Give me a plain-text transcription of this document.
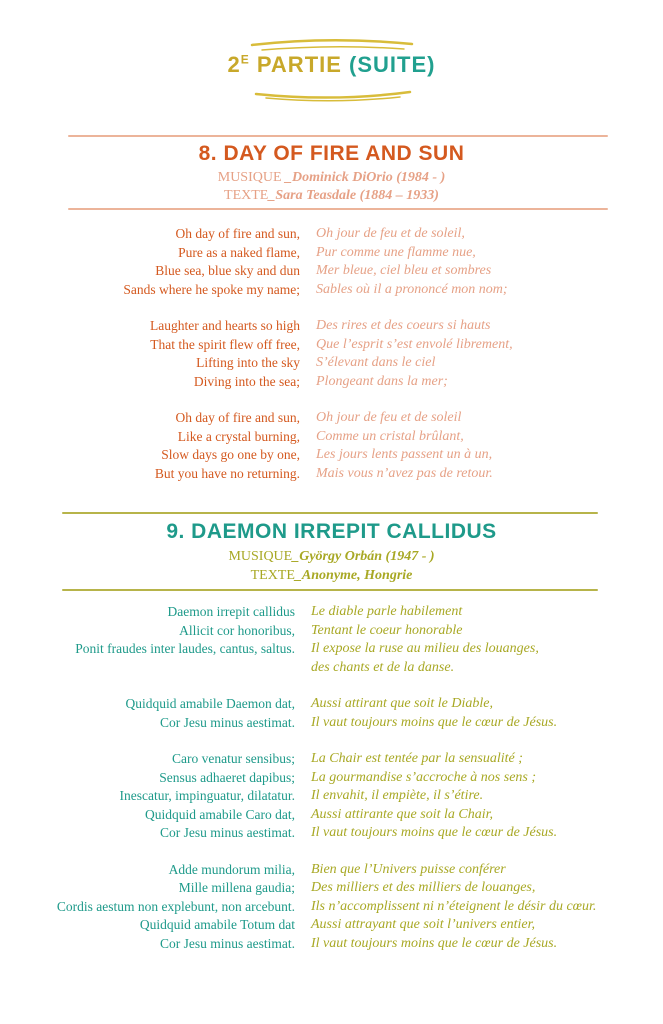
$2^E$ PARTIE (SUITE)
8. DAY OF FIRE AND SUN
MUSIQUE _Dominick DiOrio (1984 - )
TEXTE_Sara Teasdale (1884 – 1933)
Oh day of fire and sun, Oh jour de feu et de soleil,
Pure as a naked flame, Pur comme une flamme nue,
Blue sea, blue sky and dun Mer bleue, ciel bleu et sombres
Sands where he spoke my name; Sables où il a prononcé mon nom;
Laughter and hearts so high Des rires et des coeurs si hauts
That the spirit flew off free, Que l’esprit s’est envolé librement,
Lifting into the sky S’élevant dans le ciel
Diving into the sea; Plongeant dans la mer;
Oh day of fire and sun, Oh jour de feu et de soleil
Like a crystal burning, Comme un cristal brûlant,
Slow days go one by one, Les jours lents passent un à un,
But you have no returning. Mais vous n’avez pas de retour.
9. DAEMON IRREPIT CALLIDUS
MUSIQUE_György Orbán (1947 - )
TEXTE_Anonyme, Hongrie
Daemon irrepit callidus Le diable parle habilement
Allicit cor honoribus, Tentant le coeur honorable
Ponit fraudes inter laudes, cantus, saltus. Il expose la ruse au milieu des louanges,
des chants et de la danse.
Quidquid amabile Daemon dat, Aussi attirant que soit le Diable,
Cor Jesu minus aestimat. Il vaut toujours moins que le cœur de Jésus.
Caro venatur sensibus; La Chair est tentée par la sensualité ;
Sensus adhaeret dapibus; La gourmandise s’accroche à nos sens ;
Inescatur, impinguatur, dilatatur. Il envahit, il empiète, il s’étire.
Quidquid amabile Caro dat, Aussi attirante que soit la Chair,
Cor Jesu minus aestimat. Il vaut toujours moins que le cœur de Jésus.
Adde mundorum milia, Bien que l’Univers puisse conférer
Mille millena gaudia; Des milliers et des milliers de louanges,
Cordis aestum non explebunt, non arcebunt. Ils n’accomplissent ni n’éteignent le désir du cœur.
Quidquid amabile Totum dat Aussi attrayant que soit l’univers entier,
Cor Jesu minus aestimat. Il vaut toujours moins que le cœur de Jésus.
